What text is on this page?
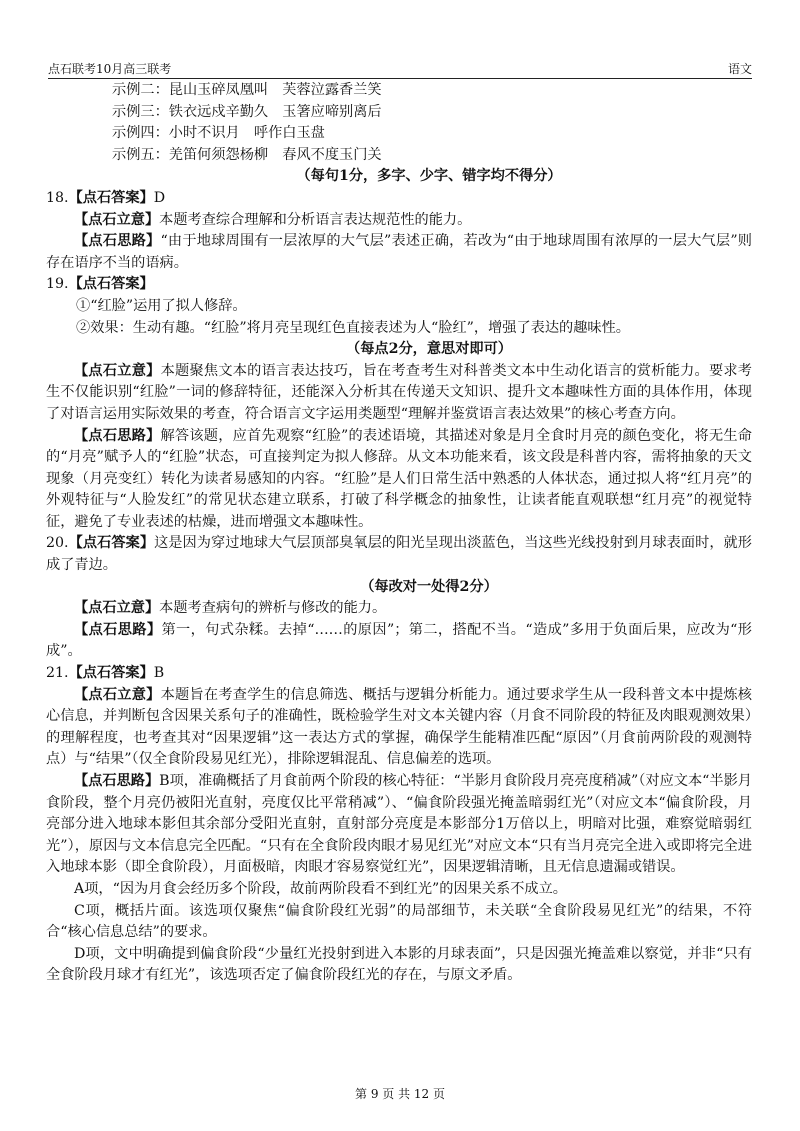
点石联考10月高三联考	语文

示例二：昆山玉碎凤凰叫　芙蓉泣露香兰笑

示例三：铁衣远戍辛勤久　玉箸应啼别离后

示例四：小时不识月　呼作白玉盘

示例五：羌笛何须怨杨柳　春风不度玉门关

（每句1分，多字、少字、错字均不得分）

18.【点石答案】D

【点石立意】本题考查综合理解和分析语言表达规范性的能力。

【点石思路】“由于地球周围有一层浓厚的大气层”表述正确，若改为“由于地球周围有浓厚的一层大气层”则存在语序不当的语病。

19.【点石答案】

①“红脸”运用了拟人修辞。

②效果：生动有趣。“红脸”将月亮呈现红色直接表述为人“脸红”，增强了表达的趣味性。

（每点2分，意思对即可）

【点石立意】本题聚焦文本的语言表达技巧，旨在考查考生对科普类文本中生动化语言的赏析能力。要求考生不仅能识别“红脸”一词的修辞特征，还能深入分析其在传递天文知识、提升文本趣味性方面的具体作用，体现了对语言运用实际效果的考查，符合语言文字运用类题型“理解并鉴赏语言表达效果”的核心考查方向。

【点石思路】解答该题，应首先观察“红脸”的表述语境，其描述对象是月全食时月亮的颜色变化，将无生命的“月亮”赋予人的“红脸”状态，可直接判定为拟人修辞。从文本功能来看，该文段是科普内容，需将抽象的天文现象（月亮变红）转化为读者易感知的内容。“红脸”是人们日常生活中熟悉的人体状态，通过拟人将“红月亮”的外观特征与“人脸发红”的常见状态建立联系，打破了科学概念的抽象性，让读者能直观联想“红月亮”的视觉特征，避免了专业表述的枯燥，进而增强文本趣味性。

20.【点石答案】这是因为穿过地球大气层顶部臭氧层的阳光呈现出淡蓝色，当这些光线投射到月球表面时，就形成了青边。

（每改对一处得2分）

【点石立意】本题考查病句的辨析与修改的能力。

【点石思路】第一，句式杂糅。去掉“……的原因”；第二，搭配不当。“造成”多用于负面后果，应改为“形成”。

21.【点石答案】B

【点石立意】本题旨在考查学生的信息筛选、概括与逻辑分析能力。通过要求学生从一段科普文本中提炼核心信息，并判断包含因果关系句子的准确性，既检验学生对文本关键内容（月食不同阶段的特征及肉眼观测效果）的理解程度，也考查其对“因果逻辑”这一表达方式的掌握，确保学生能精准匹配“原因”（月食前两阶段的观测特点）与“结果”（仅全食阶段易见红光），排除逻辑混乱、信息偏差的选项。

【点石思路】B项，准确概括了月食前两个阶段的核心特征：“半影月食阶段月亮亮度稍减”（对应文本“半影月食阶段，整个月亮仍被阳光直射，亮度仅比平常稍减”）、“偏食阶段强光掩盖暗弱红光”（对应文本“偏食阶段，月亮部分进入地球本影但其余部分受阳光直射，直射部分亮度是本影部分1万倍以上，明暗对比强，难察觉暗弱红光”），原因与文本信息完全匹配。“只有在全食阶段肉眼才易见红光”对应文本“只有当月亮完全进入或即将完全进入地球本影（即全食阶段），月面极暗，肉眼才容易察觉红光”，因果逻辑清晰，且无信息遗漏或错误。

A项，“因为月食会经历多个阶段，故前两阶段看不到红光”的因果关系不成立。

C项，概括片面。该选项仅聚焦“偏食阶段红光弱”的局部细节，未关联“全食阶段易见红光”的结果，不符合“核心信息总结”的要求。

D项，文中明确提到偏食阶段“少量红光投射到进入本影的月球表面”，只是因强光掩盖难以察觉，并非“只有全食阶段月球才有红光”，该选项否定了偏食阶段红光的存在，与原文矛盾。

第 9 页 共 12 页
